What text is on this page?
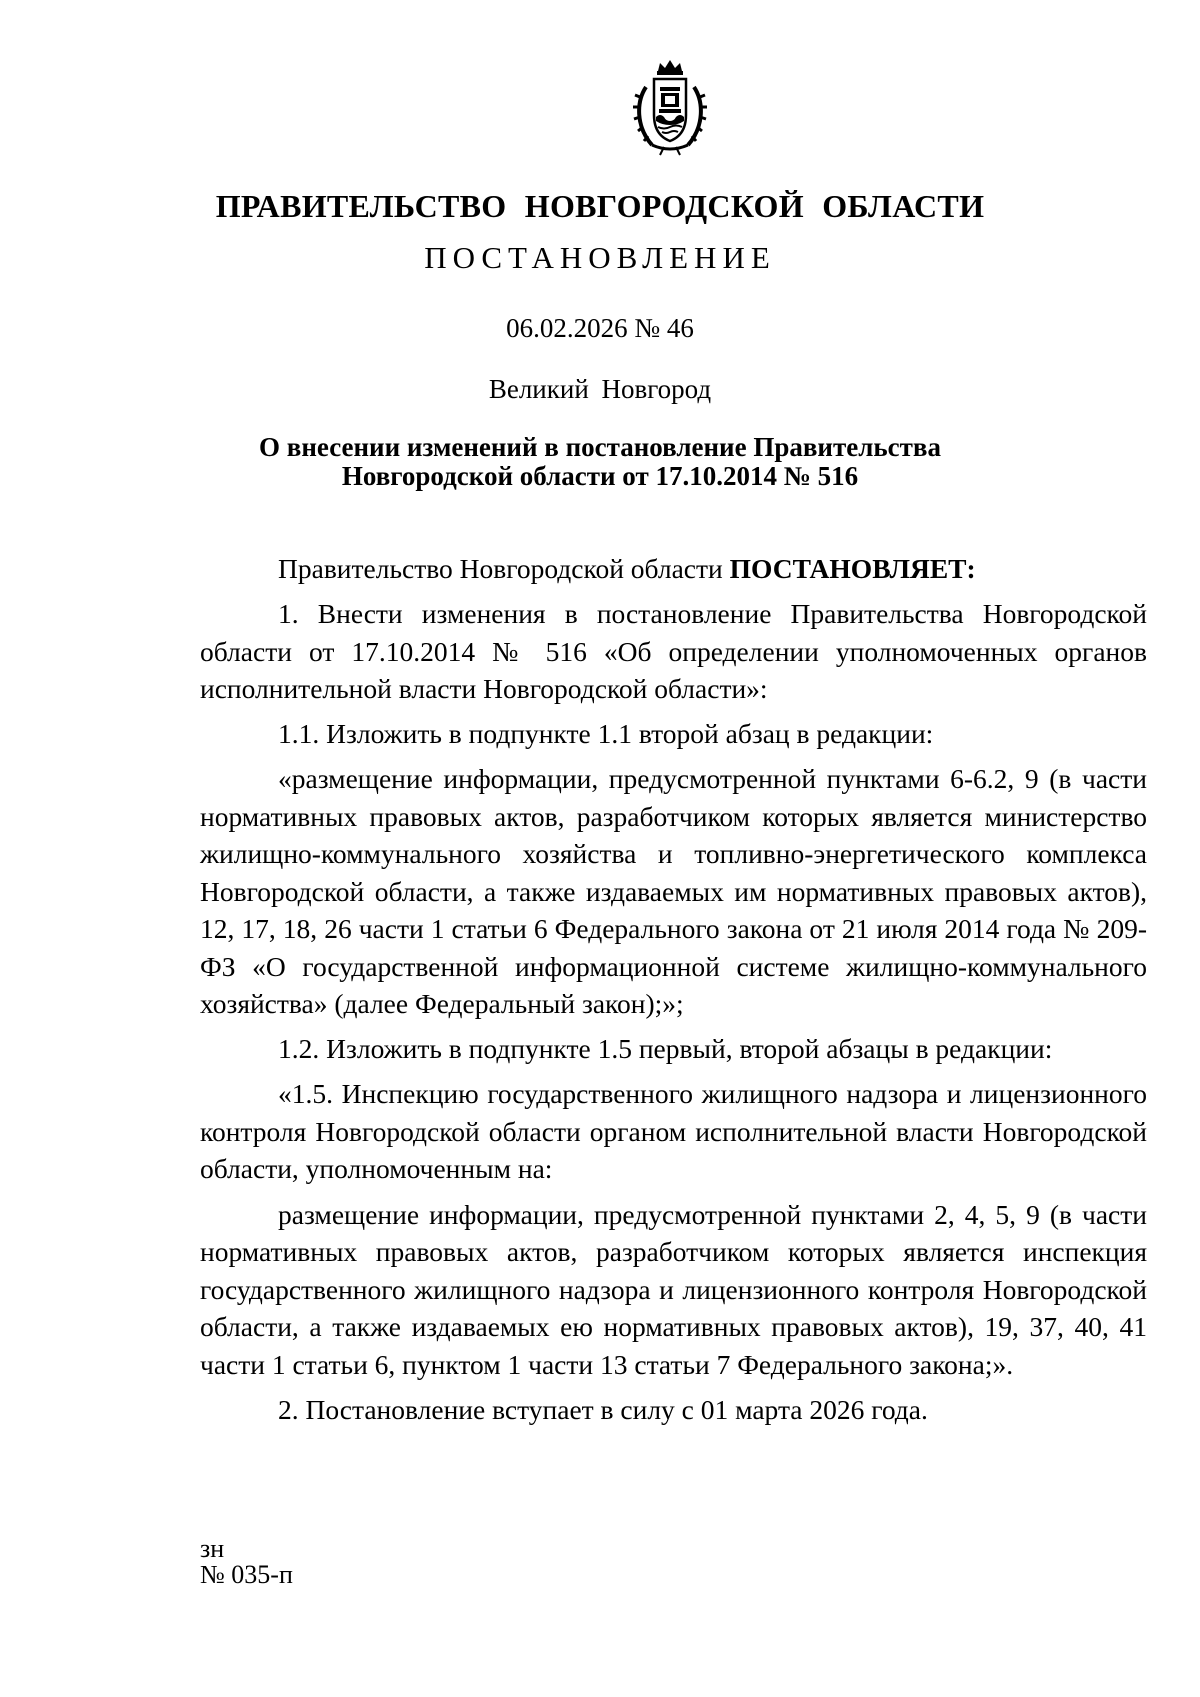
ПРАВИТЕЛЬСТВО НОВГОРОДСКОЙ ОБЛАСТИ
ПОСТАНОВЛЕНИЕ
06.02.2026 № 46
Великий Новгород
О внесении изменений в постановление Правительства
Новгородской области от 17.10.2014 № 516

Правительство Новгородской области ПОСТАНОВЛЯЕТ:

1. Внести изменения в постановление Правительства Новгородской области от 17.10.2014 № 516 «Об определении уполномоченных органов исполнительной власти Новгородской области»:

1.1. Изложить в подпункте 1.1 второй абзац в редакции:

«размещение информации, предусмотренной пунктами 6-6.2, 9 (в части нормативных правовых актов, разработчиком которых является министерство жилищно-коммунального хозяйства и топливно-энергетического комплекса Новгородской области, а также издаваемых им нормативных правовых актов), 12, 17, 18, 26 части 1 статьи 6 Федерального закона от 21 июля 2014 года № 209-ФЗ «О государственной информационной системе жилищно-коммунального хозяйства» (далее Федеральный закон);»;

1.2. Изложить в подпункте 1.5 первый, второй абзацы в редакции:

«1.5. Инспекцию государственного жилищного надзора и лицензионного контроля Новгородской области органом исполнительной власти Новгородской области, уполномоченным на:

размещение информации, предусмотренной пунктами 2, 4, 5, 9 (в части нормативных правовых актов, разработчиком которых является инспекция государственного жилищного надзора и лицензионного контроля Новгородской области, а также издаваемых ею нормативных правовых актов), 19, 37, 40, 41 части 1 статьи 6, пунктом 1 части 13 статьи 7 Федерального закона;».

2. Постановление вступает в силу с 01 марта 2026 года.

зн
№ 035-п
